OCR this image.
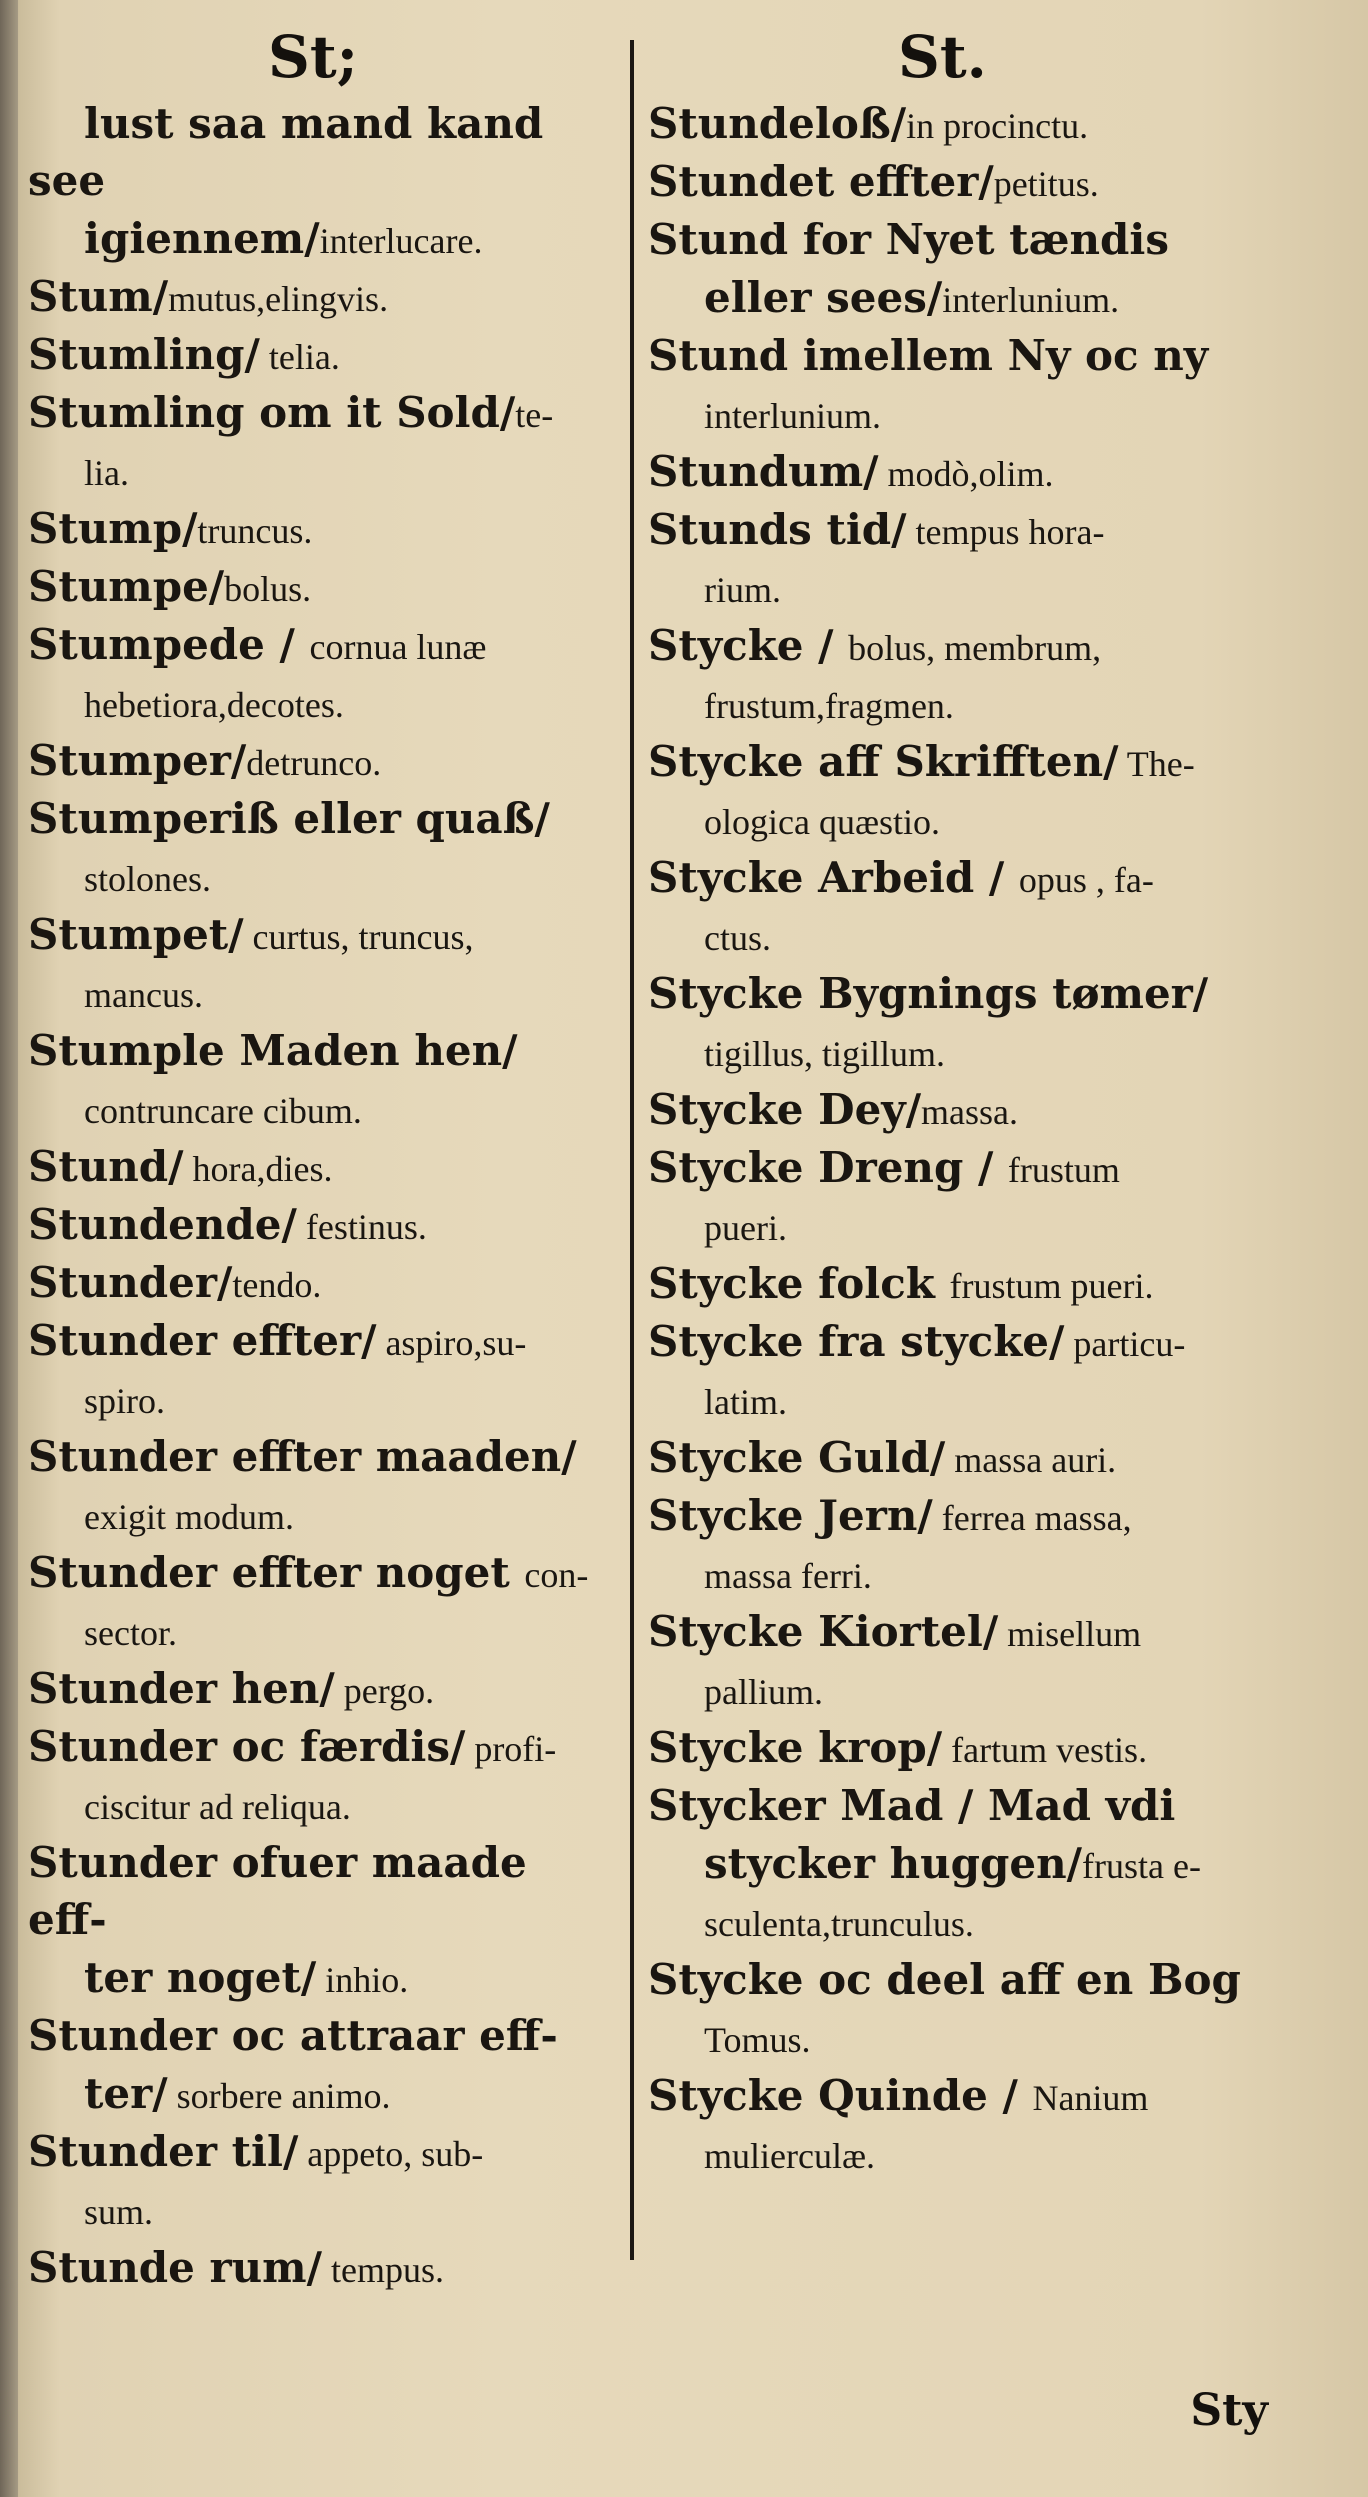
St;
lust saa mand kand see
igiennem/interlucare.
Stum/mutus,elingvis.
Stumling/ telia.
Stumling om it Sold/te-
lia.
Stump/truncus.
Stumpe/bolus.
Stumpede / cornua lunæ
hebetiora,decotes.
Stumper/detrunco.
Stumperiß eller quaß/
stolones.
Stumpet/ curtus, truncus,
mancus.
Stumple Maden hen/
contruncare cibum.
Stund/ hora,dies.
Stundende/ festinus.
Stunder/tendo.
Stunder effter/ aspiro,su-
spiro.
Stunder effter maaden/
exigit modum.
Stunder effter noget con-
sector.
Stunder hen/ pergo.
Stunder oc færdis/ profi-
ciscitur ad reliqua.
Stunder ofuer maade eff-
ter noget/ inhio.
Stunder oc attraar eff-
ter/ sorbere animo.
Stunder til/ appeto, sub-
sum.
Stunde rum/ tempus.
St.
Stundeloß/in procinctu.
Stundet effter/petitus.
Stund for Nyet tændis
eller sees/interlunium.
Stund imellem Ny oc ny
interlunium.
Stundum/ modò,olim.
Stunds tid/ tempus hora-
rium.
Stycke / bolus, membrum,
frustum,fragmen.
Stycke aff Skrifften/ The-
ologica quæstio.
Stycke Arbeid / opus , fa-
ctus.
Stycke Bygnings tømer/
tigillus, tigillum.
Stycke Dey/massa.
Stycke Dreng / frustum
pueri.
Stycke folck frustum pueri.
Stycke fra stycke/ particu-
latim.
Stycke Guld/ massa auri.
Stycke Jern/ ferrea massa,
massa ferri.
Stycke Kiortel/ misellum
pallium.
Stycke krop/ fartum vestis.
Stycker Mad / Mad vdi
stycker huggen/frusta e-
sculenta,trunculus.
Stycke oc deel aff en Bog
Tomus.
Stycke Quinde / Nanium
mulierculæ.
Sty
